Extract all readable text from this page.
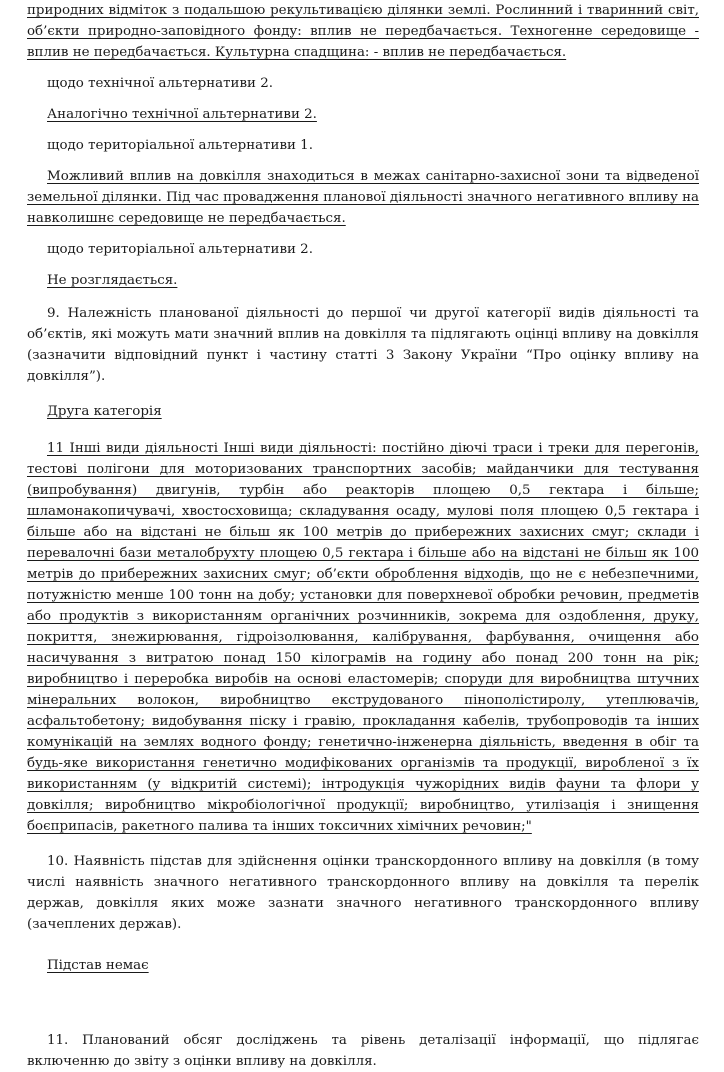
природних відміток з подальшою рекультивацією ділянки землі. Рослинний і тваринний світ, об’єкти природно-заповідного фонду: вплив не передбачається. Техногенне середовище - вплив не передбачається. Культурна спадщина: - вплив не передбачається.

щодо технічної альтернативи 2.

Аналогічно технічної альтернативи 2.

щодо територіальної альтернативи 1.

Можливий вплив на довкілля знаходиться в межах санітарно-захисної зони та відведеної земельної ділянки. Під час провадження планової діяльності значного негативного впливу на навколишнє середовище не передбачається.

щодо територіальної альтернативи 2.

Не розглядається.

9. Належність планованої діяльності до першої чи другої категорії видів діяльності та об’єктів, які можуть мати значний вплив на довкілля та підлягають оцінці впливу на довкілля (зазначити відповідний пункт і частину статті 3 Закону України “Про оцінку впливу на довкілля”).

Друга категорія

11 Інші види діяльності Інші види діяльності: постійно діючі траси і треки для перегонів, тестові полігони для моторизованих транспортних засобів; майданчики для тестування (випробування) двигунів, турбін або реакторів площею 0,5 гектара і більше; шламонакопичувачі, хвостосховища; складування осаду, мулові поля площею 0,5 гектара і більше або на відстані не більш як 100 метрів до прибережних захисних смуг; склади і перевалочні бази металобрухту площею 0,5 гектара і більше або на відстані не більш як 100 метрів до прибережних захисних смуг; об’єкти оброблення відходів, що не є небезпечними, потужністю менше 100 тонн на добу; установки для поверхневої обробки речовин, предметів або продуктів з використанням органічних розчинників, зокрема для оздоблення, друку, покриття, знежирювання, гідроізолювання, калібрування, фарбування, очищення або насичування з витратою понад 150 кілограмів на годину або понад 200 тонн на рік; виробництво і переробка виробів на основі еластомерів; споруди для виробництва штучних мінеральних волокон, виробництво екструдованого пінополістиролу, утеплювачів, асфальтобетону; видобування піску і гравію, прокладання кабелів, трубопроводів та інших комунікацій на землях водного фонду; генетично-інженерна діяльність, введення в обіг та будь-яке використання генетично модифікованих організмів та продукції, виробленої з їх використанням (у відкритій системі); інтродукція чужорідних видів фауни та флори у довкілля; виробництво мікробіологічної продукції; виробництво, утилізація і знищення боєприпасів, ракетного палива та інших токсичних хімічних речовин;"

10. Наявність підстав для здійснення оцінки транскордонного впливу на довкілля (в тому числі наявність значного негативного транскордонного впливу на довкілля та перелік держав, довкілля яких може зазнати значного негативного транскордонного впливу (зачеплених держав).

Підстав немає

11. Планований обсяг досліджень та рівень деталізації інформації, що підлягає включенню до звіту з оцінки впливу на довкілля.
